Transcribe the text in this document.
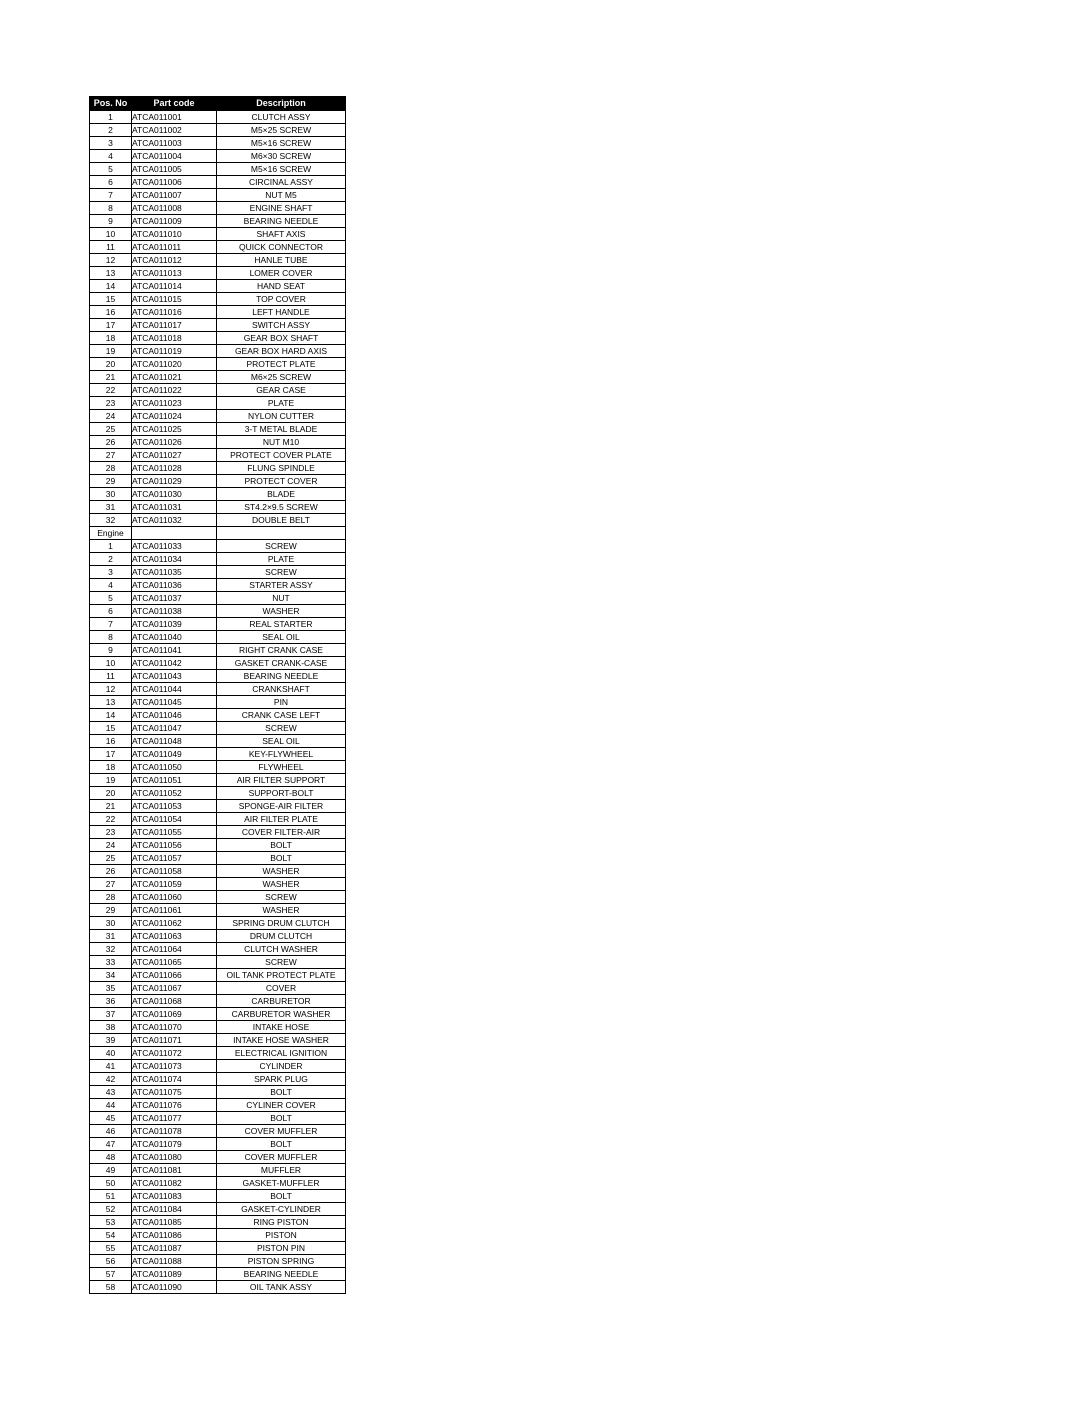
Pos. No	Part code	Description
1	ATCA011001	CLUTCH ASSY
2	ATCA011002	M5×25 SCREW
3	ATCA011003	M5×16 SCREW
4	ATCA011004	M6×30 SCREW
5	ATCA011005	M5×16 SCREW
6	ATCA011006	CIRCINAL ASSY
7	ATCA011007	NUT M5
8	ATCA011008	ENGINE SHAFT
9	ATCA011009	BEARING NEEDLE
10	ATCA011010	SHAFT AXIS
11	ATCA011011	QUICK CONNECTOR
12	ATCA011012	HANLE TUBE
13	ATCA011013	LOMER COVER
14	ATCA011014	HAND SEAT
15	ATCA011015	TOP COVER
16	ATCA011016	LEFT HANDLE
17	ATCA011017	SWITCH ASSY
18	ATCA011018	GEAR BOX SHAFT
19	ATCA011019	GEAR BOX HARD AXIS
20	ATCA011020	PROTECT PLATE
21	ATCA011021	M6×25 SCREW
22	ATCA011022	GEAR CASE
23	ATCA011023	PLATE
24	ATCA011024	NYLON CUTTER
25	ATCA011025	3-T METAL BLADE
26	ATCA011026	NUT M10
27	ATCA011027	PROTECT COVER PLATE
28	ATCA011028	FLUNG SPINDLE
29	ATCA011029	PROTECT COVER
30	ATCA011030	BLADE
31	ATCA011031	ST4.2×9.5 SCREW
32	ATCA011032	DOUBLE BELT
Engine		
1	ATCA011033	SCREW
2	ATCA011034	PLATE
3	ATCA011035	SCREW
4	ATCA011036	STARTER ASSY
5	ATCA011037	NUT
6	ATCA011038	WASHER
7	ATCA011039	REAL STARTER
8	ATCA011040	SEAL OIL
9	ATCA011041	RIGHT CRANK CASE
10	ATCA011042	GASKET CRANK-CASE
11	ATCA011043	BEARING NEEDLE
12	ATCA011044	CRANKSHAFT
13	ATCA011045	PIN
14	ATCA011046	CRANK CASE LEFT
15	ATCA011047	SCREW
16	ATCA011048	SEAL OIL
17	ATCA011049	KEY-FLYWHEEL
18	ATCA011050	FLYWHEEL
19	ATCA011051	AIR FILTER SUPPORT
20	ATCA011052	SUPPORT-BOLT
21	ATCA011053	SPONGE-AIR FILTER
22	ATCA011054	AIR FILTER PLATE
23	ATCA011055	COVER FILTER-AIR
24	ATCA011056	BOLT
25	ATCA011057	BOLT
26	ATCA011058	WASHER
27	ATCA011059	WASHER
28	ATCA011060	SCREW
29	ATCA011061	WASHER
30	ATCA011062	SPRING DRUM CLUTCH
31	ATCA011063	DRUM CLUTCH
32	ATCA011064	CLUTCH WASHER
33	ATCA011065	SCREW
34	ATCA011066	OIL TANK PROTECT PLATE
35	ATCA011067	COVER
36	ATCA011068	CARBURETOR
37	ATCA011069	CARBURETOR WASHER
38	ATCA011070	INTAKE HOSE
39	ATCA011071	INTAKE HOSE WASHER
40	ATCA011072	ELECTRICAL IGNITION
41	ATCA011073	CYLINDER
42	ATCA011074	SPARK PLUG
43	ATCA011075	BOLT
44	ATCA011076	CYLINER COVER
45	ATCA011077	BOLT
46	ATCA011078	COVER MUFFLER
47	ATCA011079	BOLT
48	ATCA011080	COVER MUFFLER
49	ATCA011081	MUFFLER
50	ATCA011082	GASKET-MUFFLER
51	ATCA011083	BOLT
52	ATCA011084	GASKET-CYLINDER
53	ATCA011085	RING PISTON
54	ATCA011086	PISTON
55	ATCA011087	PISTON PIN
56	ATCA011088	PISTON SPRING
57	ATCA011089	BEARING NEEDLE
58	ATCA011090	OIL TANK ASSY
